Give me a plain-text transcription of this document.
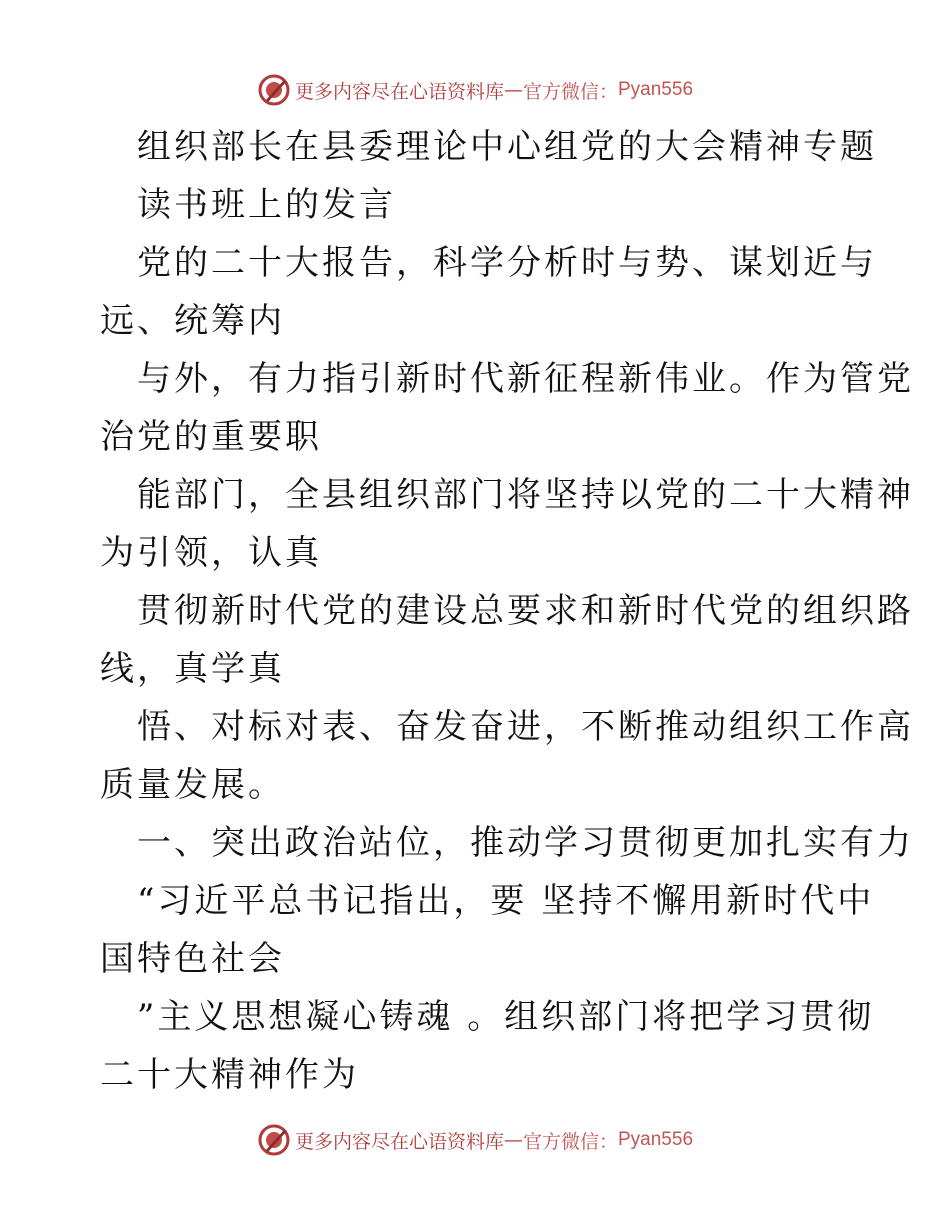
更多内容尽在心语资料库 — 官方微信： Pyan556
组织部长在县委理论中心组党的大会精神专题
读书班上的发言
党的二十大报告，科学分析时与势、谋划近与
远、统筹内
与外，有力指引新时代新征程新伟业。作为管党
治党的重要职
能部门，全县组织部门将坚持以党的二十大精神
为引领，认真
贯彻新时代党的建设总要求和新时代党的组织路
线，真学真
悟、对标对表、奋发奋进，不断推动组织工作高
质量发展。
一、突出政治站位，推动学习贯彻更加扎实有力
“习近平总书记指出，要 坚持不懈用新时代中
国特色社会
”主义思想凝心铸魂 。组织部门将把学习贯彻
二十大精神作为
更多内容尽在心语资料库 — 官方微信： Pyan556
